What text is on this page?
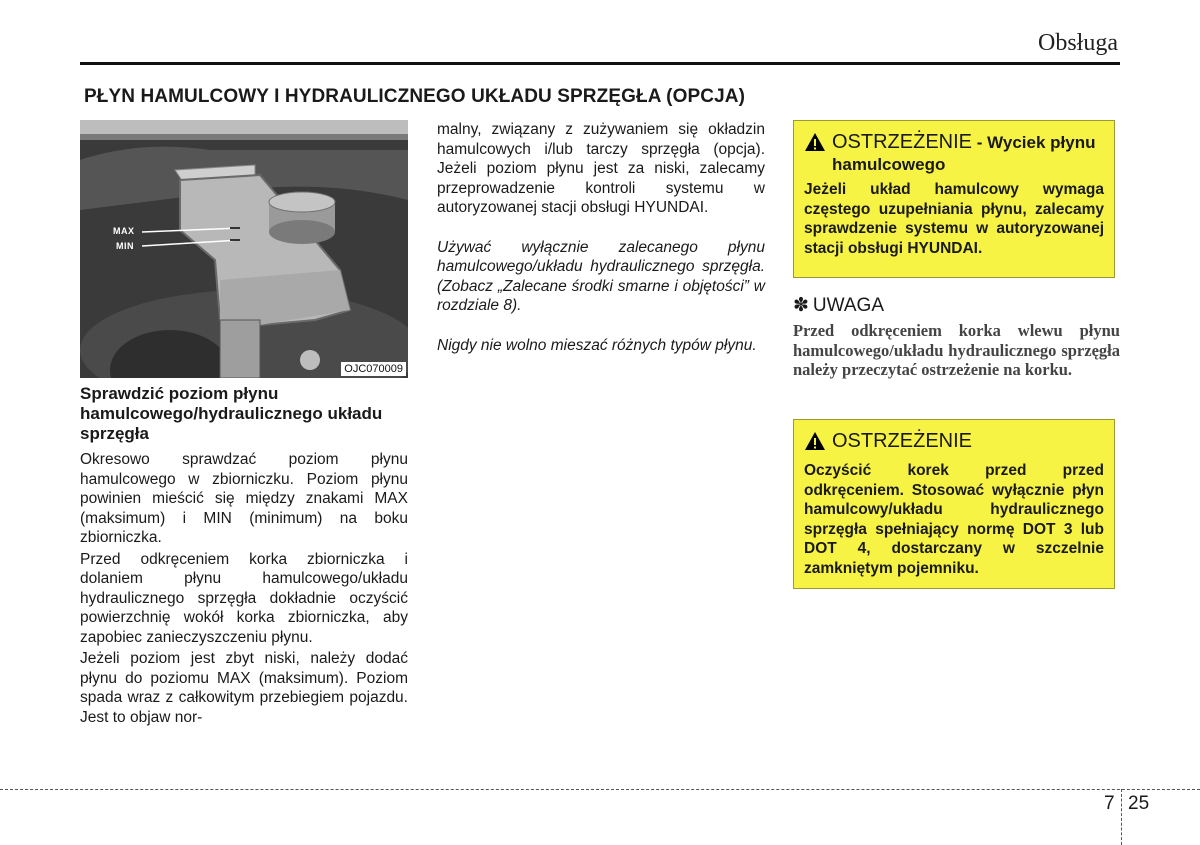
Obsługa
PŁYN HAMULCOWY I HYDRAULICZNEGO UKŁADU SPRZĘGŁA (OPCJA)
MAX
MIN
OJC070009
Sprawdzić poziom płynu hamulcowego/hydraulicznego układu sprzęgła

Okresowo sprawdzać poziom płynu hamulcowego w zbiorniczku. Poziom płynu powinien mieścić się między znakami MAX (maksimum) i MIN (minimum) na boku zbiorniczka.

Przed odkręceniem korka zbiorniczka i dolaniem płynu hamulcowego/układu hydraulicznego sprzęgła dokładnie oczyścić powierzchnię wokół korka zbiorniczka, aby zapobiec zanieczyszczeniu płynu.

Jeżeli poziom jest zbyt niski, należy dodać płynu do poziomu MAX (maksimum). Poziom spada wraz z całkowitym przebiegiem pojazdu. Jest to objaw nor-

malny, związany z zużywaniem się okładzin hamulcowych i/lub tarczy sprzęgła (opcja). Jeżeli poziom płynu jest za niski, zalecamy przeprowadzenie kontroli systemu w autoryzowanej stacji obsługi HYUNDAI.

Używać wyłącznie zalecanego płynu hamulcowego/układu hydraulicznego sprzęgła. (Zobacz „Zalecane środki smarne i objętości” w rozdziale 8).

Nigdy nie wolno mieszać różnych typów płynu.

OSTRZEŻENIE - Wyciek płynu hamulcowego
Jeżeli układ hamulcowy wymaga częstego uzupełniania płynu, zalecamy sprawdzenie systemu w autoryzowanej stacji obsługi HYUNDAI.
✽ UWAGA
Przed odkręceniem korka wlewu płynu hamulcowego/układu hydraulicznego sprzęgła należy przeczytać ostrzeżenie na korku.
OSTRZEŻENIE
Oczyścić korek przed przed odkręceniem. Stosować wyłącznie płyn hamulcowy/układu hydraulicznego sprzęgła spełniający normę DOT 3 lub DOT 4, dostarczany w szczelnie zamkniętym pojemniku.
7 25
